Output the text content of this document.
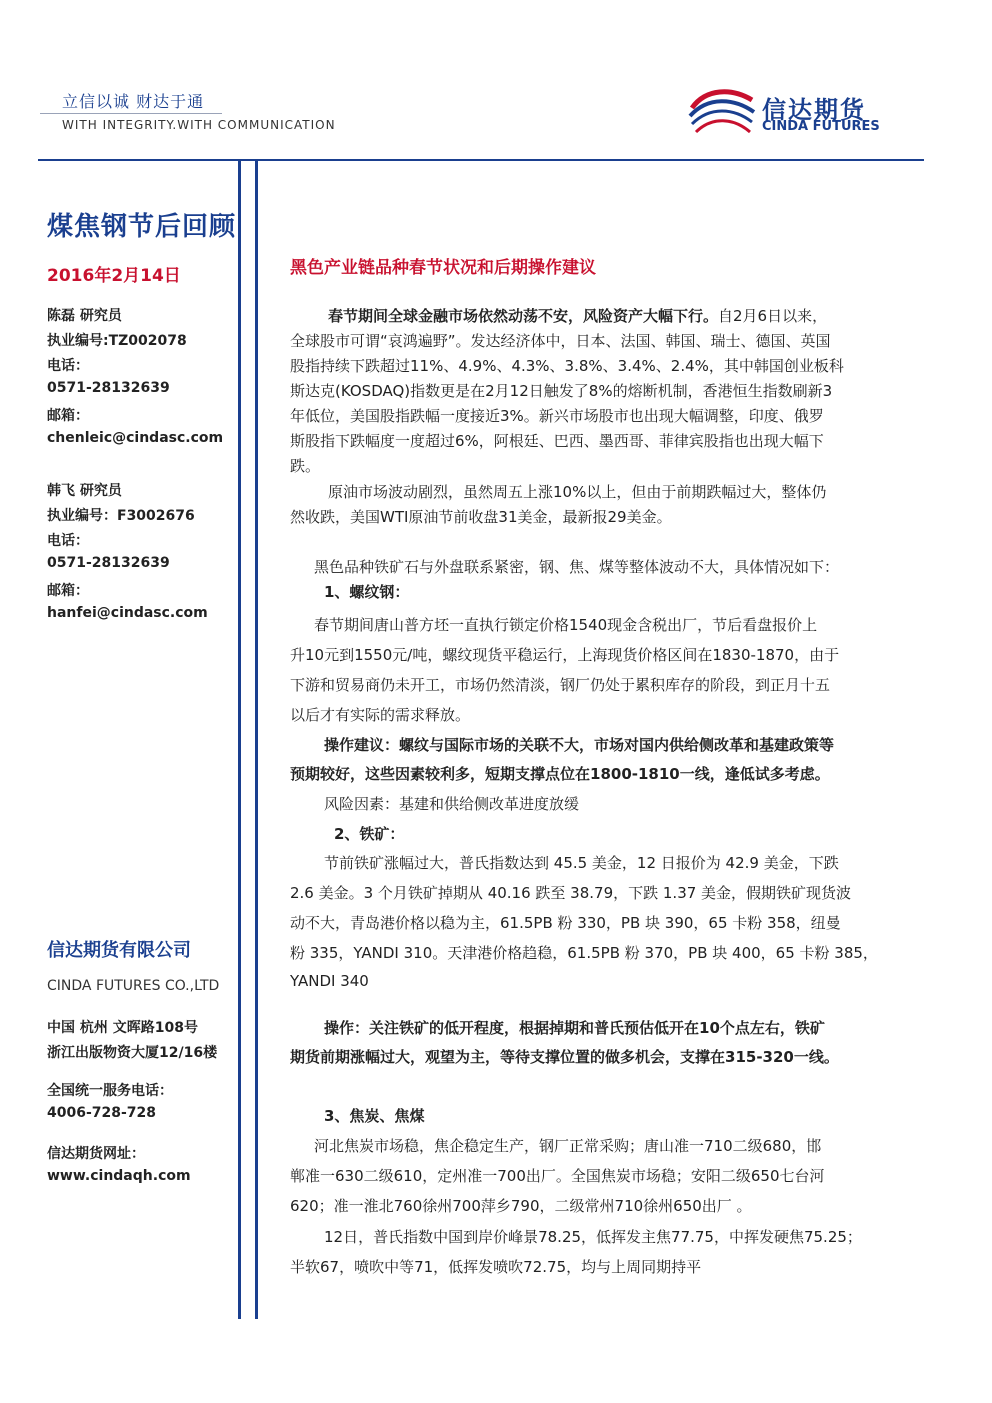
立信以诚 财达于通
WITH INTEGRITY.WITH COMMUNICATION
信达期货
CINDA FUTURES
煤焦钢节后回顾
2016年2月14日
陈磊 研究员
执业编号:TZ002078
电话：
0571-28132639
邮箱：
chenleic@cindasc.com
韩飞 研究员
执业编号：F3002676
电话：
0571-28132639
邮箱：
hanfei@cindasc.com
信达期货有限公司
CINDA FUTURES CO.,LTD
中国 杭州 文晖路108号
浙江出版物资大厦12/16楼
全国统一服务电话：
4006-728-728
信达期货网址：
www.cindaqh.com
黑色产业链品种春节状况和后期操作建议
春节期间全球金融市场依然动荡不安，风险资产大幅下行。自2月6日以来，
全球股市可谓“哀鸿遍野”。发达经济体中，日本、法国、韩国、瑞士、德国、英国
股指持续下跌超过11%、4.9%、4.3%、3.8%、3.4%、2.4%，其中韩国创业板科
斯达克(KOSDAQ)指数更是在2月12日触发了8%的熔断机制，香港恒生指数刷新3
年低位，美国股指跌幅一度接近3%。新兴市场股市也出现大幅调整，印度、俄罗
斯股指下跌幅度一度超过6%，阿根廷、巴西、墨西哥、菲律宾股指也出现大幅下
跌。
原油市场波动剧烈，虽然周五上涨10%以上，但由于前期跌幅过大，整体仍
然收跌，美国WTI原油节前收盘31美金，最新报29美金。
黑色品种铁矿石与外盘联系紧密，钢、焦、煤等整体波动不大，具体情况如下：
1、螺纹钢：
春节期间唐山普方坯一直执行锁定价格1540现金含税出厂，节后看盘报价上
升10元到1550元/吨，螺纹现货平稳运行，上海现货价格区间在1830-1870，由于
下游和贸易商仍未开工，市场仍然清淡，钢厂仍处于累积库存的阶段，到正月十五
以后才有实际的需求释放。
操作建议：螺纹与国际市场的关联不大，市场对国内供给侧改革和基建政策等
预期较好，这些因素较利多，短期支撑点位在1800-1810一线，逢低试多考虑。
风险因素：基建和供给侧改革进度放缓
2、铁矿：
节前铁矿涨幅过大，普氏指数达到 45.5 美金，12 日报价为 42.9 美金，下跌
2.6 美金。3 个月铁矿掉期从 40.16 跌至 38.79，下跌 1.37 美金，假期铁矿现货波
动不大，青岛港价格以稳为主，61.5PB 粉 330，PB 块 390，65 卡粉 358，纽曼
粉 335，YANDI 310。天津港价格趋稳，61.5PB 粉 370，PB 块 400，65 卡粉 385，
YANDI 340
操作：关注铁矿的低开程度，根据掉期和普氏预估低开在10个点左右，铁矿
期货前期涨幅过大，观望为主，等待支撑位置的做多机会，支撑在315-320一线。
3、焦炭、焦煤
河北焦炭市场稳，焦企稳定生产，钢厂正常采购；唐山准一710二级680，邯
郸准一630二级610，定州准一700出厂。全国焦炭市场稳；安阳二级650七台河
620；准一淮北760徐州700萍乡790，二级常州710徐州650出厂 。
12日，普氏指数中国到岸价峰景78.25，低挥发主焦77.75，中挥发硬焦75.25；
半软67，喷吹中等71，低挥发喷吹72.75，均与上周同期持平
